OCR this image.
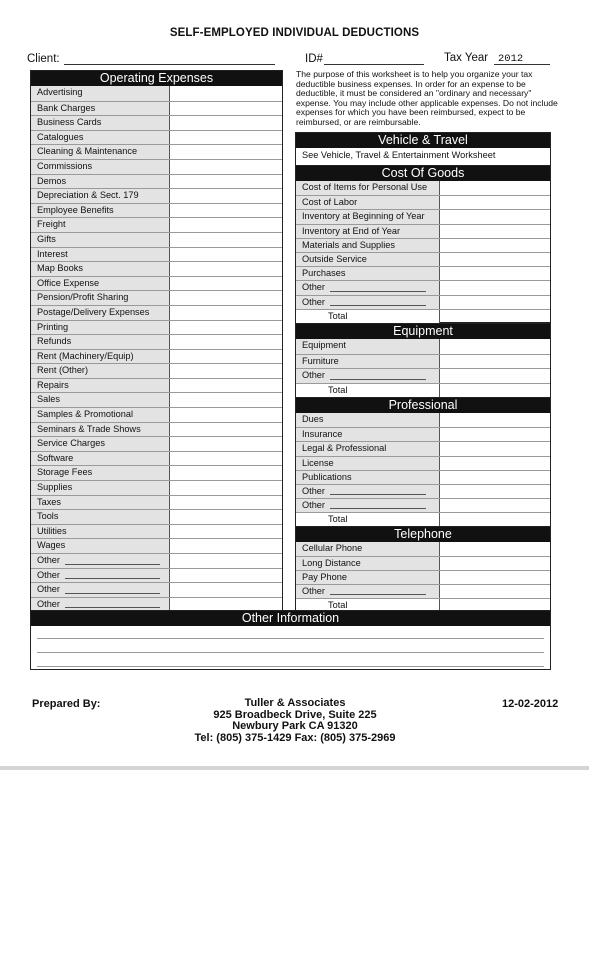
SELF-EMPLOYED INDIVIDUAL DEDUCTIONS
Client:	ID#	Tax Year 2012
Operating Expenses
Advertising
Bank Charges
Business Cards
Catalogues
Cleaning & Maintenance
Commissions
Demos
Depreciation & Sect. 179
Employee Benefits
Freight
Gifts
Interest
Map Books
Office Expense
Pension/Profit Sharing
Postage/Delivery Expenses
Printing
Refunds
Rent (Machinery/Equip)
Rent (Other)
Repairs
Sales
Samples & Promotional
Seminars & Trade Shows
Service Charges
Software
Storage Fees
Supplies
Taxes
Tools
Utilities
Wages
Other
Other
Other
Other
The purpose of this worksheet is to help you organize your tax deductible business expenses. In order for an expense to be deductible, it must be considered an "ordinary and necessary" expense. You may include other applicable expenses. Do not include expenses for which you have been reimbursed, expect to be reimbursed, or are reimbursable.
Vehicle & Travel
See Vehicle, Travel & Entertainment Worksheet
Cost Of Goods
Cost of Items for Personal Use
Cost of Labor
Inventory at Beginning of Year
Inventory at End of Year
Materials and Supplies
Outside Service
Purchases
Other
Other
Total
Equipment
Equipment
Furniture
Other
Total
Professional
Dues
Insurance
Legal & Professional
License
Publications
Other
Other
Total
Telephone
Cellular Phone
Long Distance
Pay Phone
Other
Total
Other Information
Prepared By:	Tuller & Associates
925 Broadbeck Drive, Suite 225
Newbury Park CA 91320
Tel: (805) 375-1429 Fax: (805) 375-2969
12-02-2012
